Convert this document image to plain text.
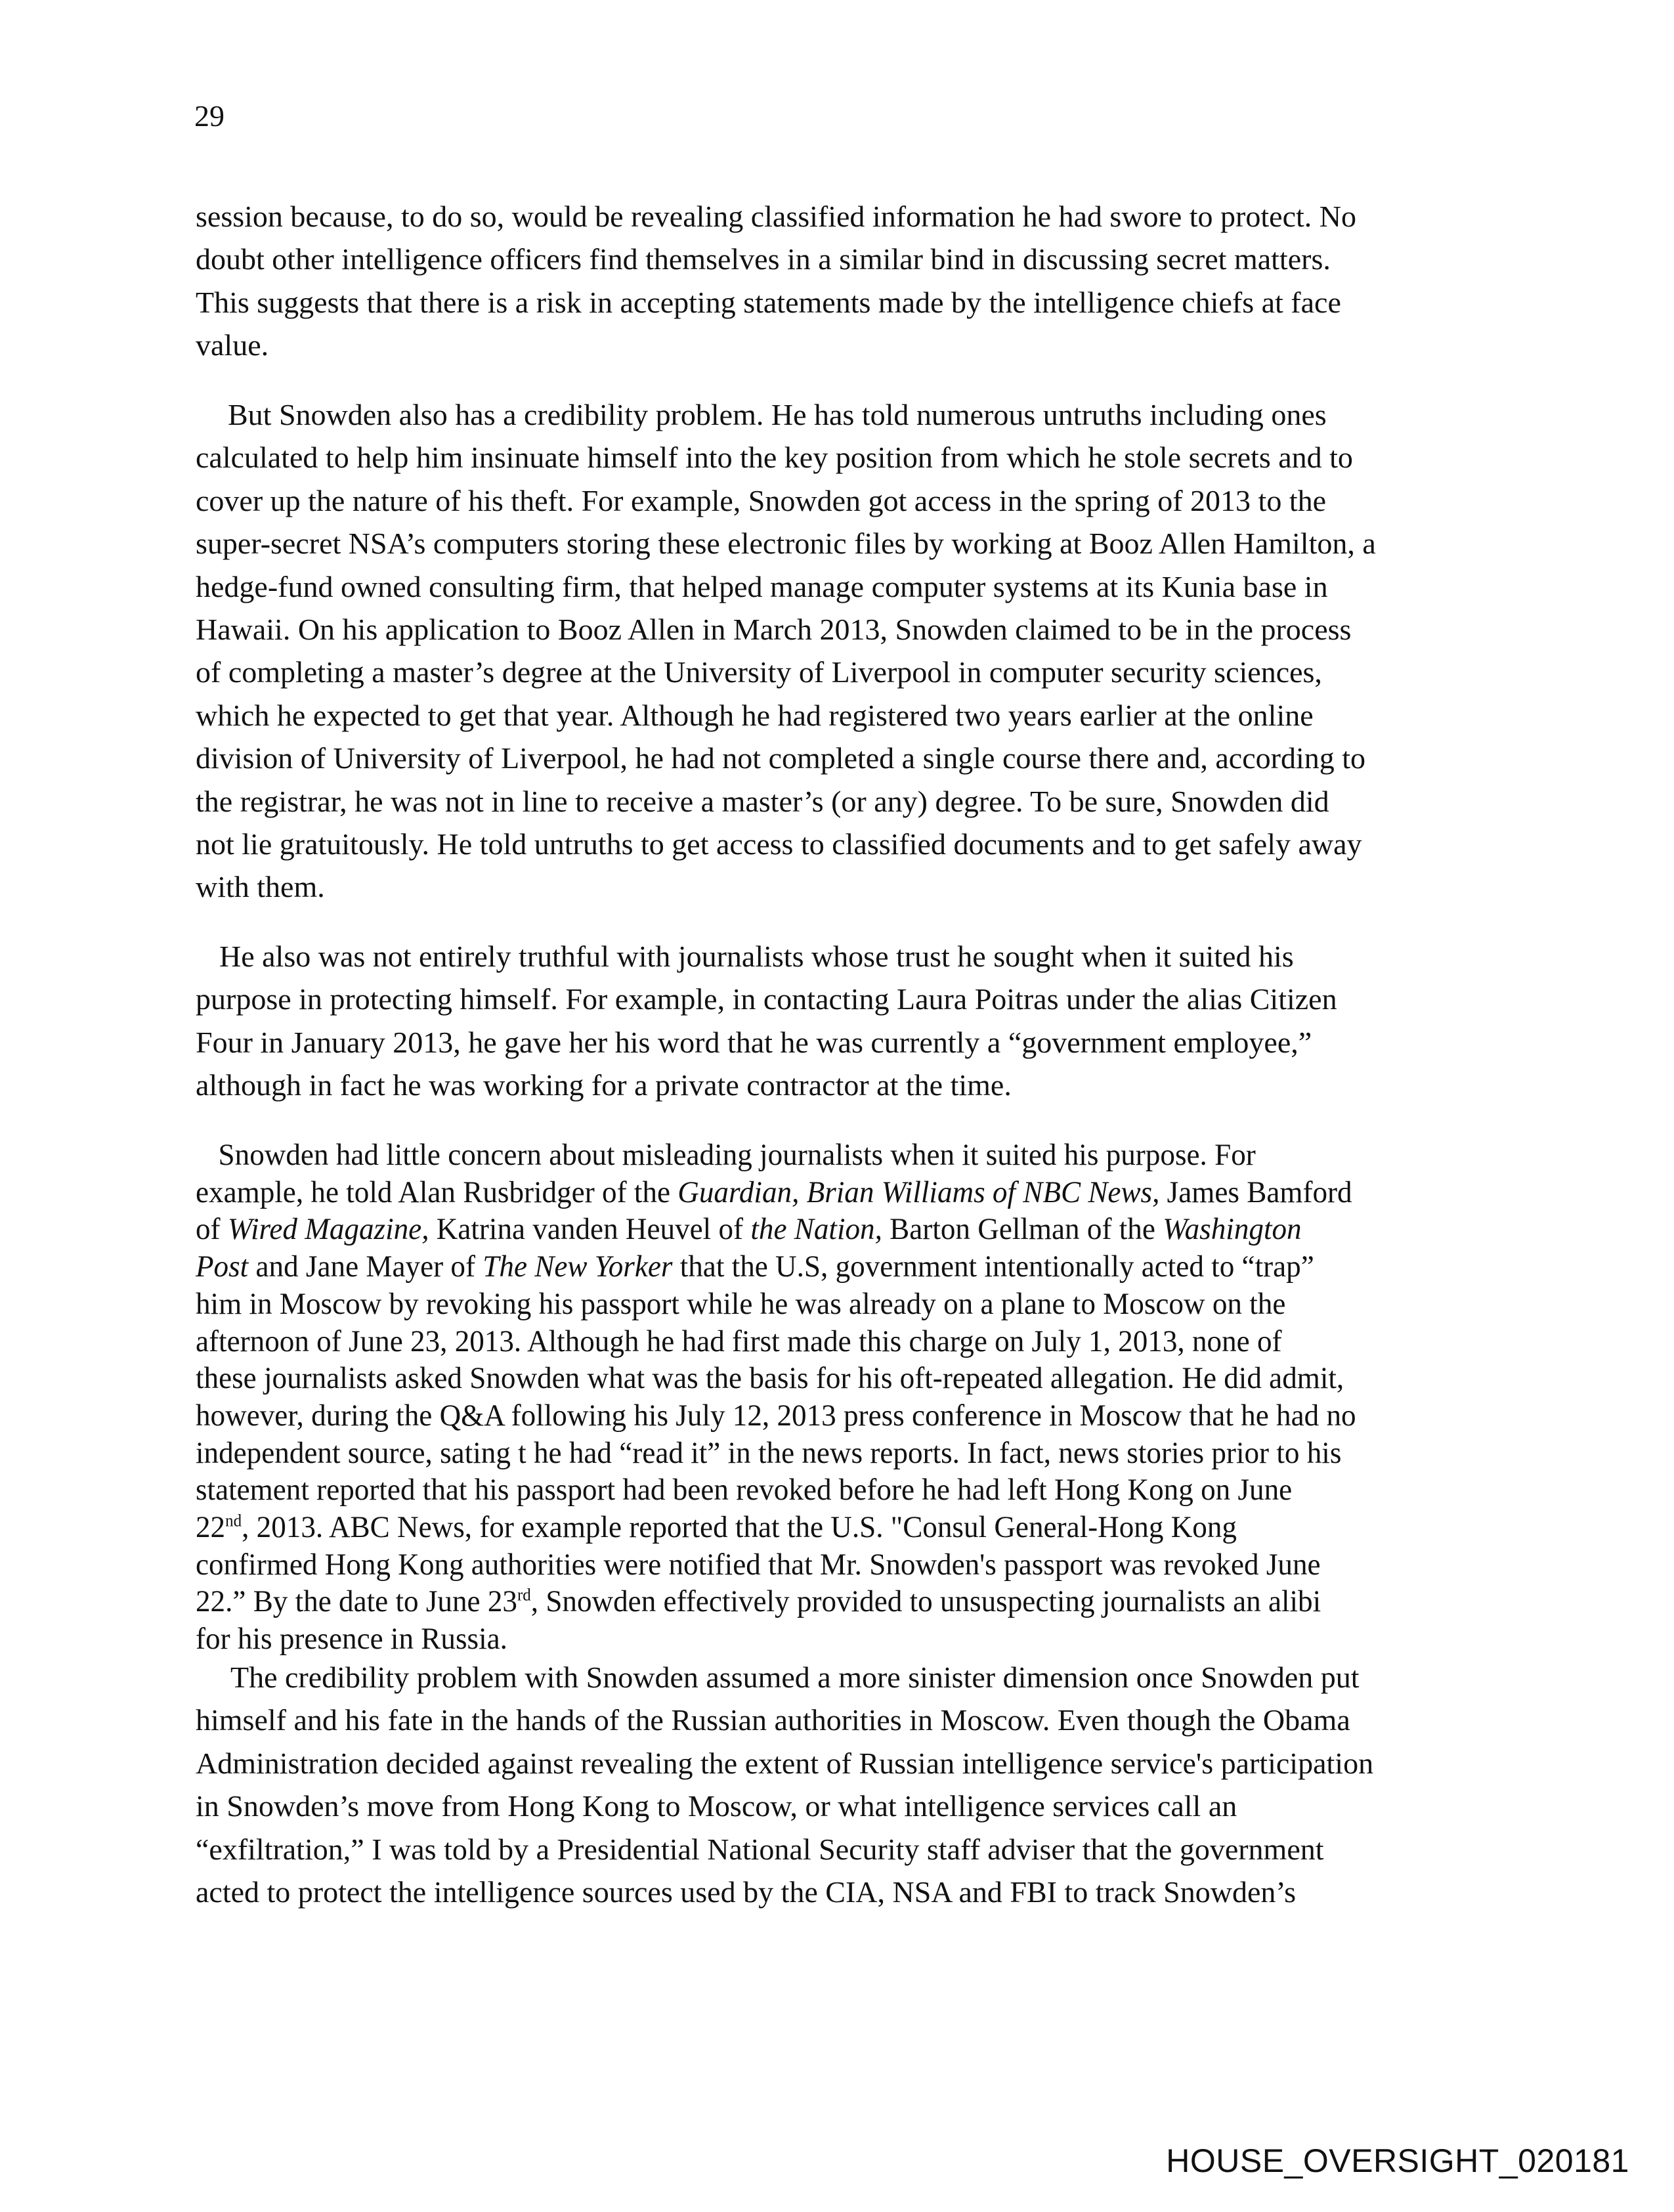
29
session because, to do so, would be revealing classified information he had swore to protect. No
doubt other intelligence officers find themselves in a similar bind in discussing secret matters.
This suggests that there is a risk in accepting statements made by the intelligence chiefs at face
value.
But Snowden also has a credibility problem. He has told numerous untruths including ones
calculated to help him insinuate himself into the key position from which he stole secrets and to
cover up the nature of his theft. For example, Snowden got access in the spring of 2013 to the
super-secret NSA’s computers storing these electronic files by working at Booz Allen Hamilton, a
hedge-fund owned consulting firm, that helped manage computer systems at its Kunia base in
Hawaii. On his application to Booz Allen in March 2013, Snowden claimed to be in the process
of completing a master’s degree at the University of Liverpool in computer security sciences,
which he expected to get that year. Although he had registered two years earlier at the online
division of University of Liverpool, he had not completed a single course there and, according to
the registrar, he was not in line to receive a master’s (or any) degree. To be sure, Snowden did
not lie gratuitously. He told untruths to get access to classified documents and to get safely away
with them.
He also was not entirely truthful with journalists whose trust he sought when it suited his
purpose in protecting himself. For example, in contacting Laura Poitras under the alias Citizen
Four in January 2013, he gave her his word that he was currently a “government employee,”
although in fact he was working for a private contractor at the time.
Snowden had little concern about misleading journalists when it suited his purpose. For
example, he told Alan Rusbridger of the Guardian, Brian Williams of NBC News, James Bamford
of Wired Magazine, Katrina vanden Heuvel of the Nation, Barton Gellman of the Washington
Post and Jane Mayer of The New Yorker that the U.S, government intentionally acted to “trap”
him in Moscow by revoking his passport while he was already on a plane to Moscow on the
afternoon of June 23, 2013. Although he had first made this charge on July 1, 2013, none of
these journalists asked Snowden what was the basis for his oft-repeated allegation. He did admit,
however, during the Q&A following his July 12, 2013 press conference in Moscow that he had no
independent source, sating t he had “read it” in the news reports. In fact, news stories prior to his
statement reported that his passport had been revoked before he had left Hong Kong on June
22nd, 2013. ABC News, for example reported that the U.S. "Consul General-Hong Kong
confirmed Hong Kong authorities were notified that Mr. Snowden's passport was revoked June
22.” By the date to June 23rd, Snowden effectively provided to unsuspecting journalists an alibi
for his presence in Russia.
The credibility problem with Snowden assumed a more sinister dimension once Snowden put
himself and his fate in the hands of the Russian authorities in Moscow. Even though the Obama
Administration decided against revealing the extent of Russian intelligence service's participation
in Snowden’s move from Hong Kong to Moscow, or what intelligence services call an
“exfiltration,” I was told by a Presidential National Security staff adviser that the government
acted to protect the intelligence sources used by the CIA, NSA and FBI to track Snowden’s
HOUSE_OVERSIGHT_020181
